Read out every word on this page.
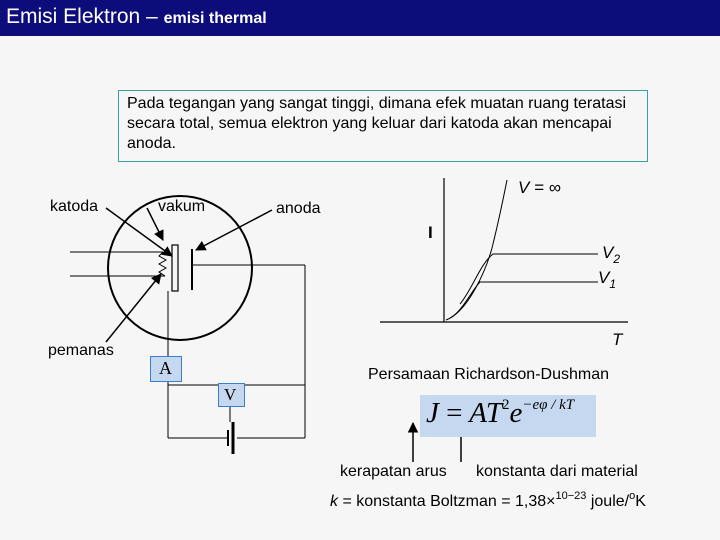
Emisi Elektron – emisi thermal
Pada tegangan yang sangat tinggi, dimana efek muatan ruang teratasi secara total, semua elektron yang keluar dari katoda akan mencapai anoda.
A
V
katoda	vakum	anoda
pemanas
I
T
V = ∞
$V_2$
$V_1$
Persamaan Richardson-Dushman
$J = AT^2e^{-e\varphi / kT}$
kerapatan arus konstanta dari material
k = konstanta Boltzman = 1,38×$^{10-23}$ joule/$^o$K
